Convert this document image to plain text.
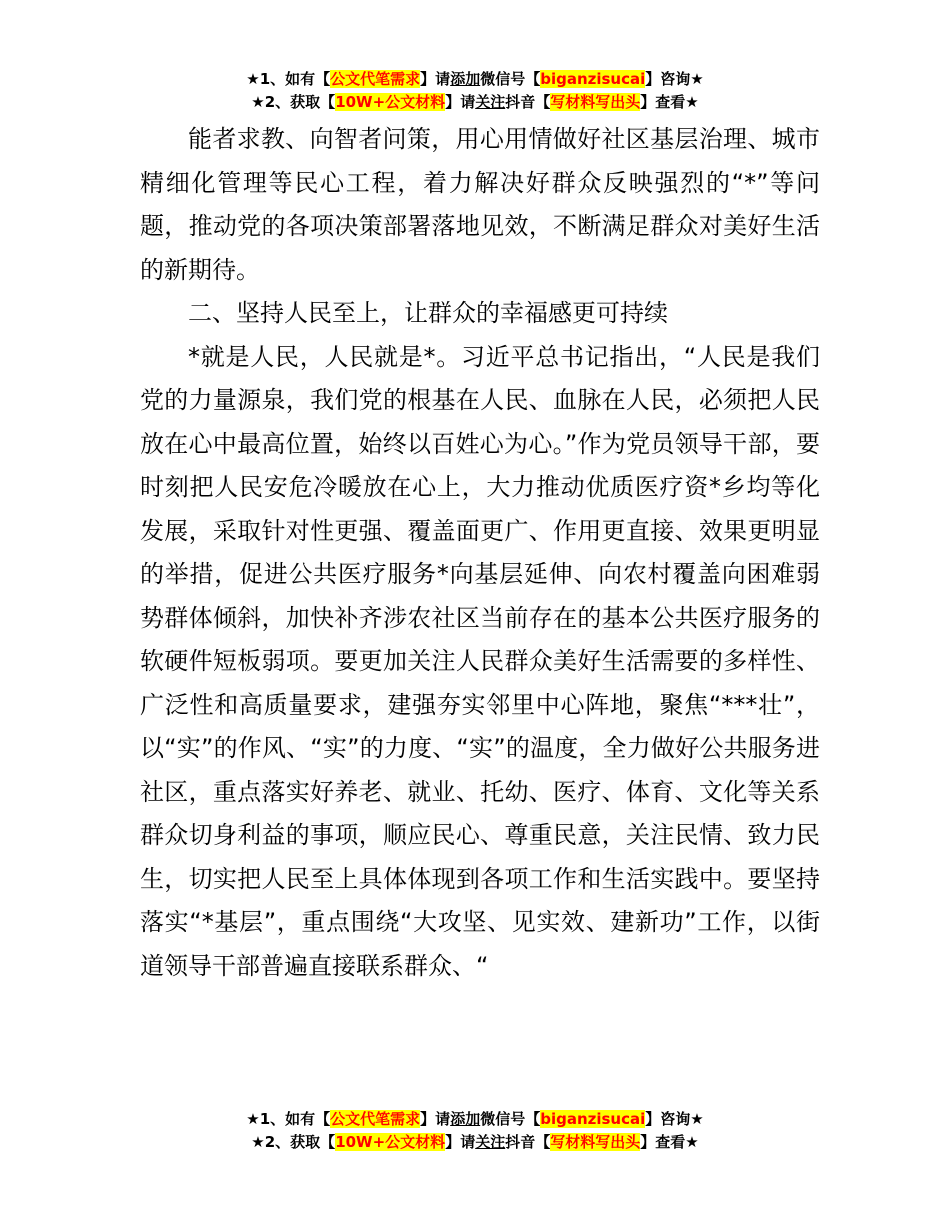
★1、如有【公文代笔需求】请添加微信号【biganzisucai】咨询★
★2、获取【10W+公文材料】请关注抖音【写材料写出头】查看★

能者求教、向智者问策，用心用情做好社区基层治理、城市精细化管理等民心工程，着力解决好群众反映强烈的“*”等问题，推动党的各项决策部署落地见效，不断满足群众对美好生活的新期待。

二、坚持人民至上，让群众的幸福感更可持续

*就是人民，人民就是*。习近平总书记指出，“人民是我们党的力量源泉，我们党的根基在人民、血脉在人民，必须把人民放在心中最高位置，始终以百姓心为心。”作为党员领导干部，要时刻把人民安危冷暖放在心上，大力推动优质医疗资*乡均等化发展，采取针对性更强、覆盖面更广、作用更直接、效果更明显的举措，促进公共医疗服务*向基层延伸、向农村覆盖向困难弱势群体倾斜，加快补齐涉农社区当前存在的基本公共医疗服务的软硬件短板弱项。要更加关注人民群众美好生活需要的多样性、广泛性和高质量要求，建强夯实邻里中心阵地，聚焦“***壮”，以“实”的作风、“实”的力度、“实”的温度，全力做好公共服务进社区，重点落实好养老、就业、托幼、医疗、体育、文化等关系群众切身利益的事项，顺应民心、尊重民意，关注民情、致力民生，切实把人民至上具体体现到各项工作和生活实践中。要坚持落实“*基层”，重点围绕“大攻坚、见实效、建新功”工作，以街道领导干部普遍直接联系群众、“

★1、如有【公文代笔需求】请添加微信号【biganzisucai】咨询★
★2、获取【10W+公文材料】请关注抖音【写材料写出头】查看★
